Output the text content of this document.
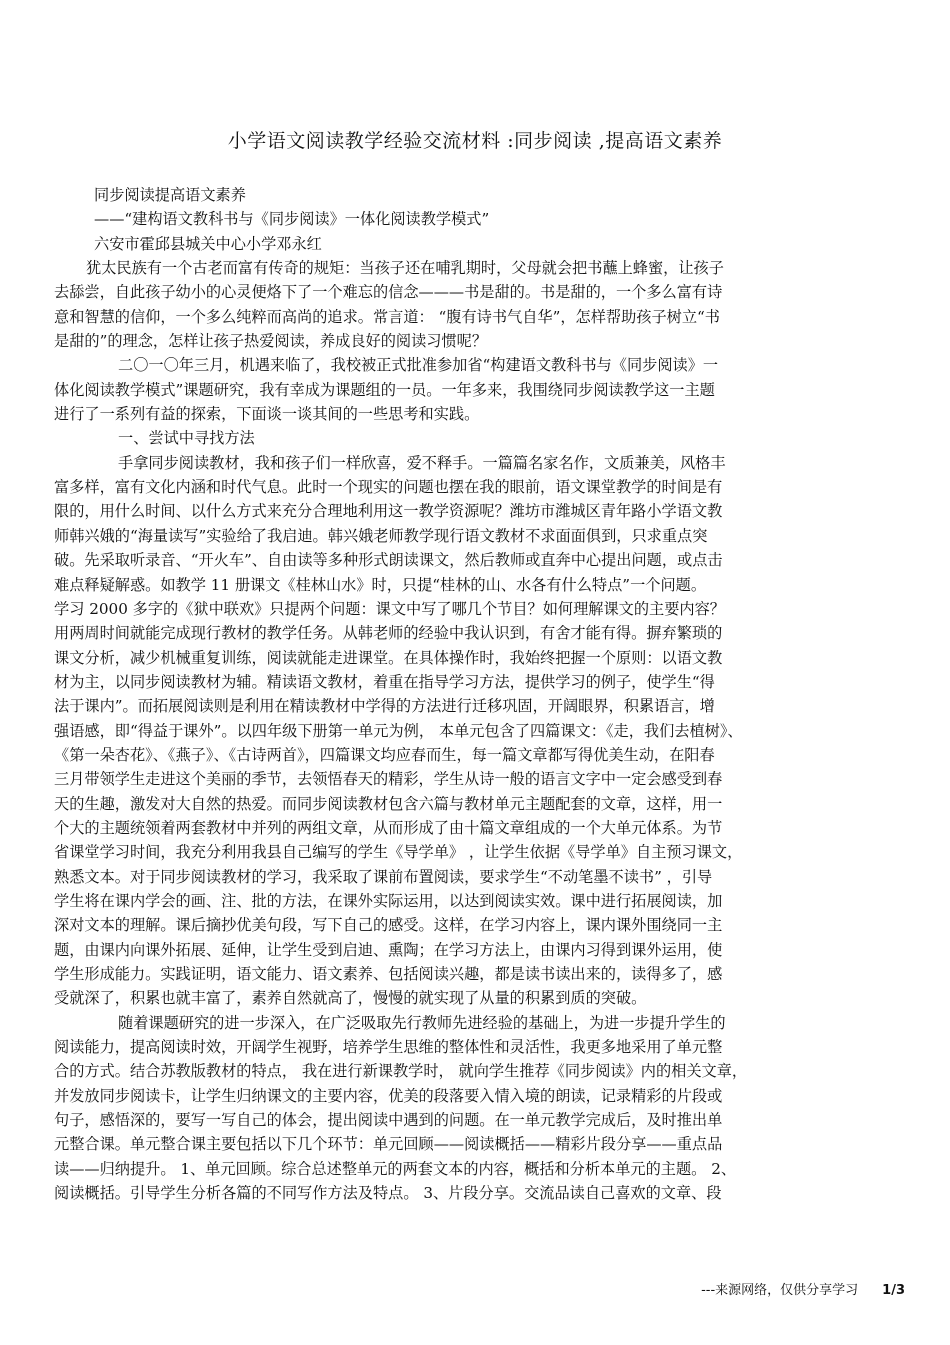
小学语文阅读教学经验交流材料 :同步阅读 ,提高语文素养
同步阅读提高语文素养
——“建构语文教科书与《同步阅读》一体化阅读教学模式”
六安市霍邱县城关中心小学邓永红
犹太民族有一个古老而富有传奇的规矩：当孩子还在哺乳期时，父母就会把书蘸上蜂蜜，让孩子
去舔尝，自此孩子幼小的心灵便烙下了一个难忘的信念———书是甜的。书是甜的，一个多么富有诗
意和智慧的信仰，一个多么纯粹而高尚的追求。常言道： “腹有诗书气自华”，怎样帮助孩子树立“书
是甜的”的理念，怎样让孩子热爱阅读，养成良好的阅读习惯呢？
二〇一〇年三月，机遇来临了，我校被正式批准参加省“构建语文教科书与《同步阅读》一
体化阅读教学模式”课题研究，我有幸成为课题组的一员。一年多来，我围绕同步阅读教学这一主题
进行了一系列有益的探索，下面谈一谈其间的一些思考和实践。
一、尝试中寻找方法
手拿同步阅读教材，我和孩子们一样欣喜，爱不释手。一篇篇名家名作，文质兼美，风格丰
富多样，富有文化内涵和时代气息。此时一个现实的问题也摆在我的眼前，语文课堂教学的时间是有
限的，用什么时间、以什么方式来充分合理地利用这一教学资源呢？潍坊市潍城区青年路小学语文教
师韩兴娥的“海量读写”实验给了我启迪。韩兴娥老师教学现行语文教材不求面面俱到，只求重点突
破。先采取听录音、“开火车”、自由读等多种形式朗读课文，然后教师或直奔中心提出问题，或点击
难点释疑解惑。如教学 11 册课文《桂林山水》时，只提“桂林的山、水各有什么特点”一个问题。
学习 2000 多字的《狱中联欢》只提两个问题：课文中写了哪几个节目？如何理解课文的主要内容？
用两周时间就能完成现行教材的教学任务。从韩老师的经验中我认识到，有舍才能有得。摒弃繁琐的
课文分析，减少机械重复训练，阅读就能走进课堂。在具体操作时，我始终把握一个原则：以语文教
材为主，以同步阅读教材为辅。精读语文教材，着重在指导学习方法，提供学习的例子，使学生“得
法于课内”。而拓展阅读则是利用在精读教材中学得的方法进行迁移巩固，开阔眼界，积累语言，增
强语感，即“得益于课外”。以四年级下册第一单元为例， 本单元包含了四篇课文：《走，我们去植树》、
《第一朵杏花》、《燕子》、《古诗两首》，四篇课文均应春而生，每一篇文章都写得优美生动，在阳春
三月带领学生走进这个美丽的季节，去领悟春天的精彩，学生从诗一般的语言文字中一定会感受到春
天的生趣，激发对大自然的热爱。而同步阅读教材包含六篇与教材单元主题配套的文章，这样，用一
个大的主题统领着两套教材中并列的两组文章，从而形成了由十篇文章组成的一个大单元体系。为节
省课堂学习时间，我充分利用我县自己编写的学生《导学单》 ，让学生依据《导学单》自主预习课文，
熟悉文本。对于同步阅读教材的学习，我采取了课前布置阅读，要求学生“不动笔墨不读书” ，引导
学生将在课内学会的画、注、批的方法，在课外实际运用，以达到阅读实效。课中进行拓展阅读，加
深对文本的理解。课后摘抄优美句段，写下自己的感受。这样，在学习内容上，课内课外围绕同一主
题，由课内向课外拓展、延伸，让学生受到启迪、熏陶；在学习方法上，由课内习得到课外运用，使
学生形成能力。实践证明，语文能力、语文素养、包括阅读兴趣，都是读书读出来的，读得多了，感
受就深了，积累也就丰富了，素养自然就高了，慢慢的就实现了从量的积累到质的突破。
随着课题研究的进一步深入，在广泛吸取先行教师先进经验的基础上，为进一步提升学生的
阅读能力，提高阅读时效，开阔学生视野，培养学生思维的整体性和灵活性，我更多地采用了单元整
合的方式。结合苏教版教材的特点， 我在进行新课教学时， 就向学生推荐《同步阅读》内的相关文章，
并发放同步阅读卡，让学生归纳课文的主要内容，优美的段落要入情入境的朗读，记录精彩的片段或
句子，感悟深的，要写一写自己的体会，提出阅读中遇到的问题。在一单元教学完成后，及时推出单
元整合课。单元整合课主要包括以下几个环节：单元回顾——阅读概括——精彩片段分享——重点品
读——归纳提升。 1、单元回顾。综合总述整单元的两套文本的内容，概括和分析本单元的主题。 2、
阅读概括。引导学生分析各篇的不同写作方法及特点。 3、片段分享。交流品读自己喜欢的文章、段
---来源网络，仅供分享学习 1/3
